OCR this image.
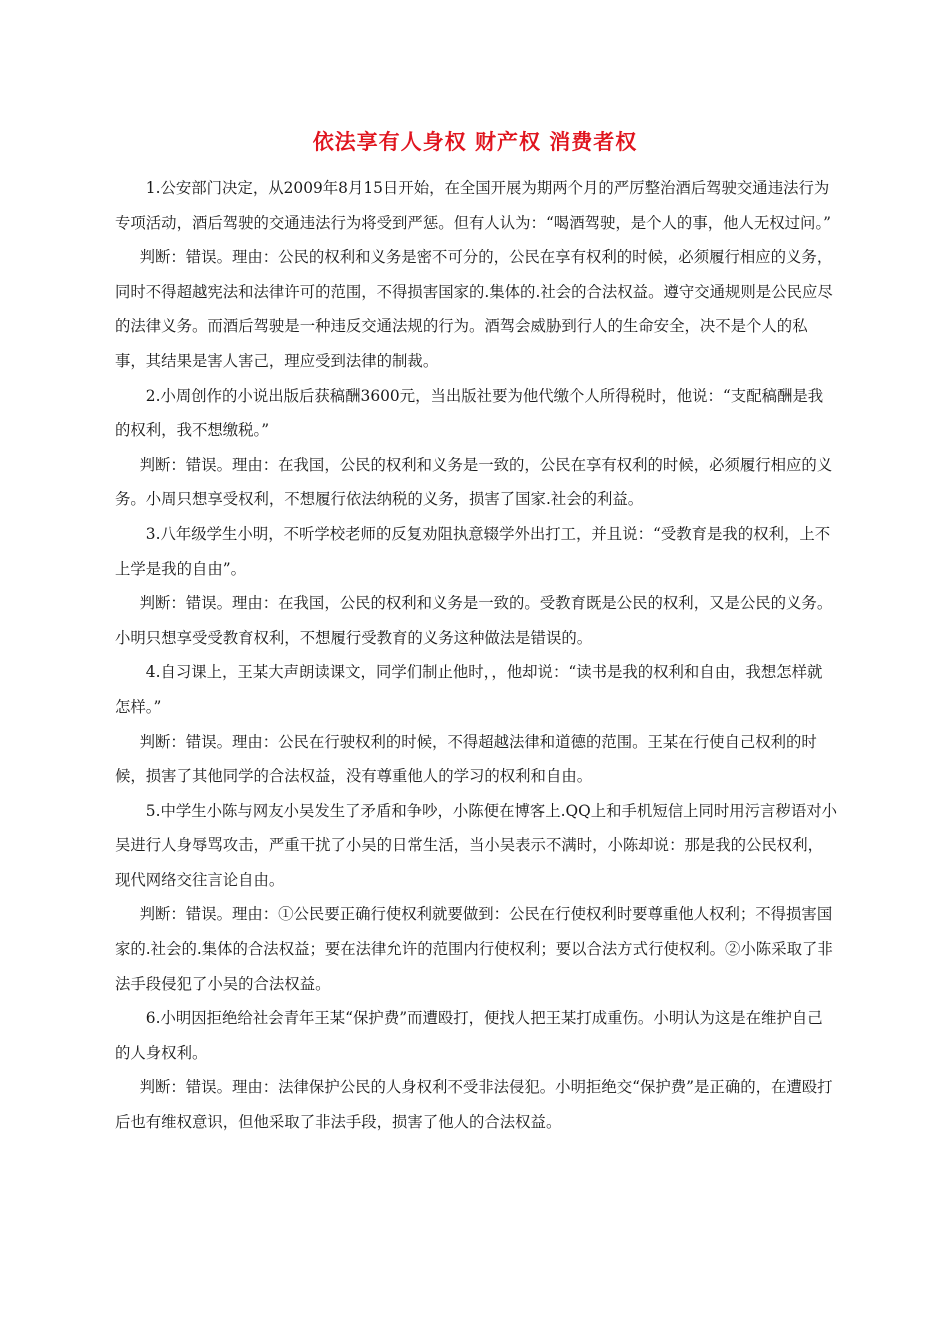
依法享有人身权 财产权 消费者权

1.公安部门决定，从2009年8月15日开始，在全国开展为期两个月的严厉整治酒后驾驶交通违法行为专项活动，酒后驾驶的交通违法行为将受到严惩。但有人认为：“喝酒驾驶，是个人的事，他人无权过问。”

判断：错误。理由：公民的权利和义务是密不可分的，公民在享有权利的时候，必须履行相应的义务，同时不得超越宪法和法律许可的范围，不得损害国家的.集体的.社会的合法权益。遵守交通规则是公民应尽的法律义务。而酒后驾驶是一种违反交通法规的行为。酒驾会威胁到行人的生命安全，决不是个人的私事，其结果是害人害己，理应受到法律的制裁。

2.小周创作的小说出版后获稿酬3600元，当出版社要为他代缴个人所得税时，他说：“支配稿酬是我的权利，我不想缴税。”

判断：错误。理由：在我国，公民的权利和义务是一致的，公民在享有权利的时候，必须履行相应的义务。小周只想享受权利，不想履行依法纳税的义务，损害了国家.社会的利益。

3.八年级学生小明，不听学校老师的反复劝阻执意辍学外出打工，并且说：“受教育是我的权利，上不上学是我的自由”。

判断：错误。理由：在我国，公民的权利和义务是一致的。受教育既是公民的权利，又是公民的义务。小明只想享受受教育权利，不想履行受教育的义务这种做法是错误的。

4.自习课上，王某大声朗读课文，同学们制止他时，，他却说：“读书是我的权利和自由，我想怎样就怎样。”

判断：错误。理由：公民在行驶权利的时候，不得超越法律和道德的范围。王某在行使自己权利的时候，损害了其他同学的合法权益，没有尊重他人的学习的权利和自由。

5.中学生小陈与网友小吴发生了矛盾和争吵，小陈便在博客上.QQ上和手机短信上同时用污言秽语对小吴进行人身辱骂攻击，严重干扰了小吴的日常生活，当小吴表示不满时，小陈却说：那是我的公民权利，现代网络交往言论自由。

判断：错误。理由：①公民要正确行使权利就要做到：公民在行使权利时要尊重他人权利；不得损害国家的.社会的.集体的合法权益；要在法律允许的范围内行使权利；要以合法方式行使权利。②小陈采取了非法手段侵犯了小吴的合法权益。

6.小明因拒绝给社会青年王某“保护费”而遭殴打，便找人把王某打成重伤。小明认为这是在维护自己的人身权利。

判断：错误。理由：法律保护公民的人身权利不受非法侵犯。小明拒绝交“保护费”是正确的，在遭殴打后也有维权意识，但他采取了非法手段，损害了他人的合法权益。
